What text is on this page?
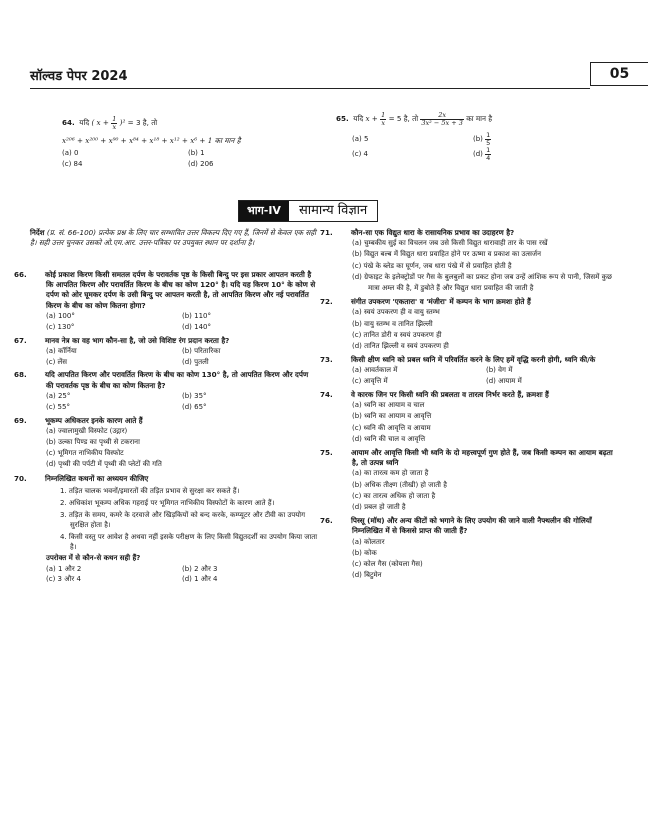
सॉल्वड पेपर 2024	05
64. यदि ( $x + \frac{1}{x} )^2 = 3$ है, तो
x²⁰⁶ + x²⁰⁰ + x⁹⁰ + x⁸⁴ + x¹⁸ + x¹² + x⁶ + 1 का मान है
(a) 0	(b) 1
(c) 84	(d) 206
65. यदि $x + \frac{1}{x} = 5$ है, तो $\frac{2x}{\text{3x² − 5x + 3}}$ का मान है
(a) 5	$(b) \frac{1}{5}$
(c) 4	$(d) \frac{1}{4}$
भाग-IV	सामान्य विज्ञान
निर्देश (प्र. सं. 66-100) प्रत्येक प्रश्न के लिए चार सम्भावित उत्तर विकल्प दिए गए हैं, जिनमें से केवल एक सही है। सही उत्तर चुनकर उसको ओ.एम.आर. उत्तर-पत्रिका पर उपयुक्त स्थान पर दर्शाना है।
66.	कोई प्रकाश किरण किसी समतल दर्पण के परावर्तक पृष्ठ के किसी बिन्दु पर इस प्रकार आपतन करती है कि आपतित किरण और परावर्तित किरण के बीच का कोण 120° है। यदि यह किरण 10° के कोण से दर्पण को ओर घूमकर दर्पण के उसी बिन्दु पर आपतन करती है, तो आपतित किरण और नई परावर्तित किरण के बीच का कोण कितना होगा?
(a) 100°	(b) 110°
(c) 130°	(d) 140°
67.	मानव नेत्र का वह भाग कौन-सा है, जो उसे विशिष्ट रंग प्रदान करता है?
(a) कॉर्निया	(b) परितारिका
(c) लेंस	(d) पुतली
68.	यदि आपतित किरण और परावर्तित किरण के बीच का कोण 130° है, तो आपतित किरण और दर्पण की परावर्तक पृष्ठ के बीच का कोण कितना है?
(a) 25°	(b) 35°
(c) 55°	(d) 65°
69.	भूकम्प अधिकतर इनके कारण आते हैं
(a) ज्वालामुखी विस्फोट (उद्गार)
(b) उल्का पिण्ड का पृथ्वी से टकराना
(c) भूमिगत नाभिकीय विस्फोट
(d) पृथ्वी की पर्पटी में पृथ्वी की प्लेटों की गति
70.	निम्नलिखित कथनों का अध्ययन कीजिए
1. तड़ित चालक भवनों/इमारतों की तड़ित प्रभाव से सुरक्षा कर सकते हैं।
2. अधिकांश भूकम्प अधिक गहराई पर भूमिगत नाभिकीय विस्फोटों के कारण आते हैं।
3. तड़ित के समय, कमरे के दरवाजे और खिड़कियों को बन्द करके, कम्प्यूटर और टीवी का उपयोग सुरक्षित होता है।
4. किसी वस्तु पर आवेश है अथवा नहीं इसके परीक्षण के लिए किसी विद्युतदर्शी का उपयोग किया जाता है।
उपरोक्त में से कौन-से कथन सही हैं?
(a) 1 और 2	(b) 2 और 3
(c) 3 और 4	(d) 1 और 4
71.	कौन-सा एक विद्युत धारा के रासायनिक प्रभाव का उदाहरण है?
(a) चुम्बकीय सुई का विचलन जब उसे किसी विद्युत धारावाही तार के पास रखें
(b) विद्युत बल्ब में विद्युत धारा प्रवाहित होने पर ऊष्मा व प्रकाश का उत्सर्जन
(c) पंखे के ब्लेड का घूर्णन, जब धारा पंखे में से प्रवाहित होती है
(d) ग्रेफाइट के इलेक्ट्रोडों पर गैस के बुलबुलों का प्रकट होना जब उन्हें आंशिक रूप से पानी, जिसमें कुछ मात्रा अम्ल की है, में डुबोते हैं और विद्युत धारा प्रवाहित की जाती है
72.	संगीत उपकरण 'एकतारा' व 'मंजीरा' में कम्पन के भाग क्रमशः होते हैं
(a) स्वयं उपकरण ही व वायु स्तम्भ
(b) वायु स्तम्भ व तानित झिल्ली
(c) तानित डोरी व स्वयं उपकरण ही
(d) तानित झिल्ली व स्वयं उपकरण ही
73.	किसी क्षीण ध्वनि को प्रबल ध्वनि में परिवर्तित करने के लिए हमें वृद्धि करनी होगी, ध्वनि की/के
(a) आवर्तकाल में	(b) वेग में
(c) आवृत्ति में	(d) आयाम में
74.	वे कारक जिन पर किसी ध्वनि की प्रबलता व तारत्व निर्भर करते हैं, क्रमशः हैं
(a) ध्वनि का आयाम व चाल
(b) ध्वनि का आयाम व आवृत्ति
(c) ध्वनि की आवृत्ति व आयाम
(d) ध्वनि की चाल व आवृत्ति
75.	आयाम और आवृत्ति किसी भी ध्वनि के दो महत्त्वपूर्ण गुण होते हैं, जब किसी कम्पन का आयाम बढ़ता है, तो उत्पन्न ध्वनि
(a) का तारत्व कम हो जाता है
(b) अधिक तीक्ष्ण (तीखी) हो जाती है
(c) का तारत्व अधिक हो जाता है
(d) प्रबल हो जाती है
76.	पिस्सू (मॉथ) और अन्य कीटों को भगाने के लिए उपयोग की जाने वाली नैफ्थलीन की गोलियाँ निम्नलिखित में से किससे प्राप्त की जाती हैं?
(a) कोलतार
(b) कोक
(c) कोल गैस (कोयला गैस)
(d) बिटुमेन
